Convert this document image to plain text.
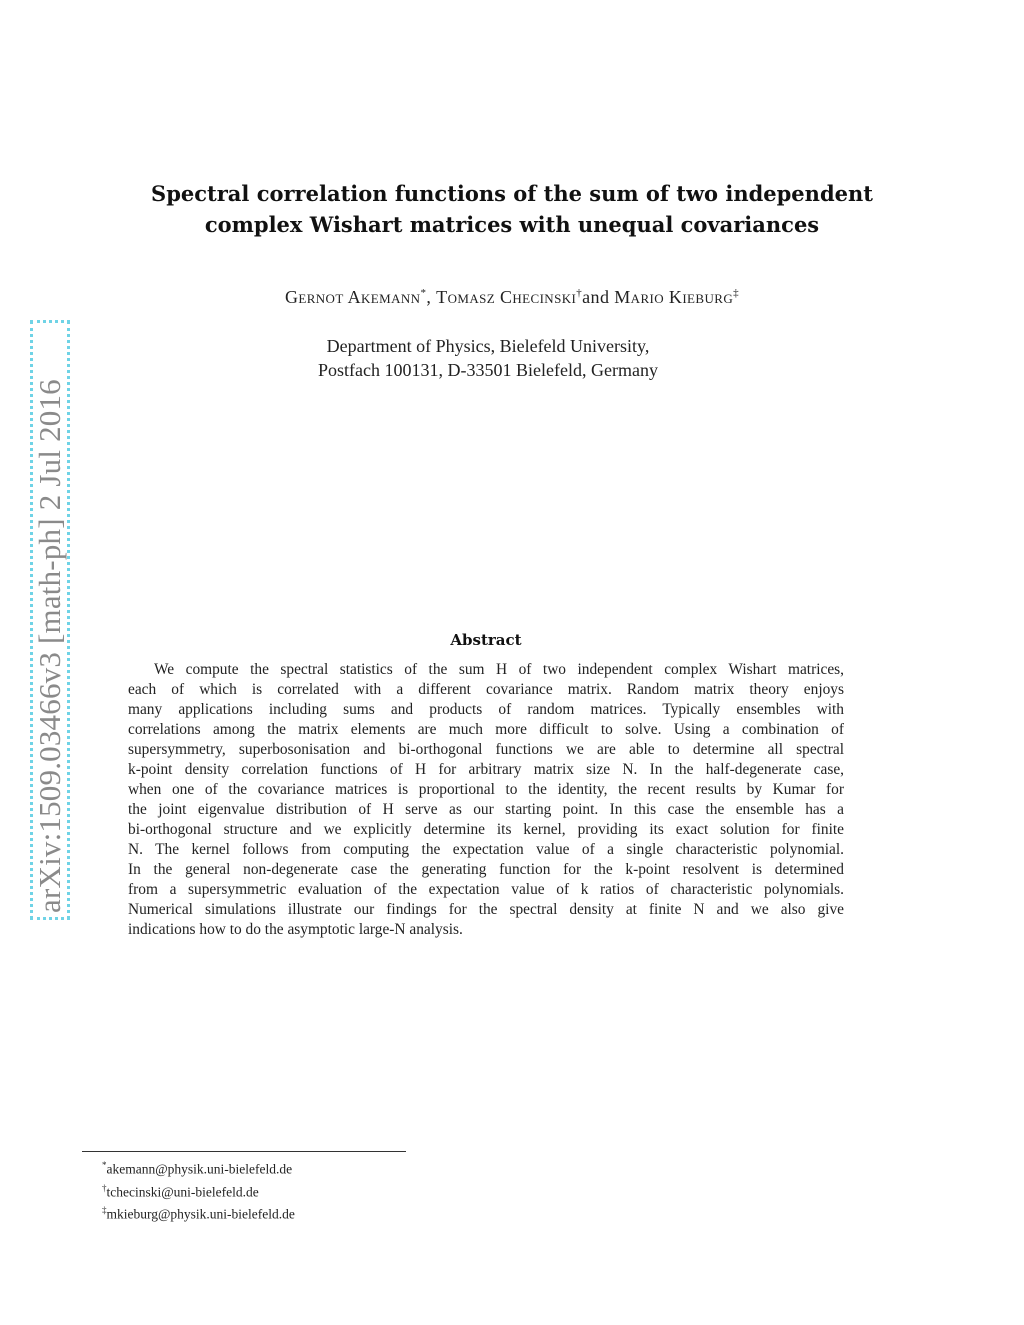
arXiv:1509.03466v3 [math-ph] 2 Jul 2016
Spectral correlation functions of the sum of two independent
complex Wishart matrices with unequal covariances
Gernot Akemann*, Tomasz Checinski†and Mario Kieburg‡
Department of Physics, Bielefeld University,
Postfach 100131, D-33501 Bielefeld, Germany
Abstract
We compute the spectral statistics of the sum H of two independent complex Wishart matrices,
each of which is correlated with a different covariance matrix. Random matrix theory enjoys
many applications including sums and products of random matrices. Typically ensembles with
correlations among the matrix elements are much more difficult to solve. Using a combination of
supersymmetry, superbosonisation and bi-orthogonal functions we are able to determine all spectral
k-point density correlation functions of H for arbitrary matrix size N. In the half-degenerate case,
when one of the covariance matrices is proportional to the identity, the recent results by Kumar for
the joint eigenvalue distribution of H serve as our starting point. In this case the ensemble has a
bi-orthogonal structure and we explicitly determine its kernel, providing its exact solution for finite
N. The kernel follows from computing the expectation value of a single characteristic polynomial.
In the general non-degenerate case the generating function for the k-point resolvent is determined
from a supersymmetric evaluation of the expectation value of k ratios of characteristic polynomials.
Numerical simulations illustrate our findings for the spectral density at finite N and we also give
indications how to do the asymptotic large-N analysis.
*akemann@physik.uni-bielefeld.de
†tchecinski@uni-bielefeld.de
‡mkieburg@physik.uni-bielefeld.de
